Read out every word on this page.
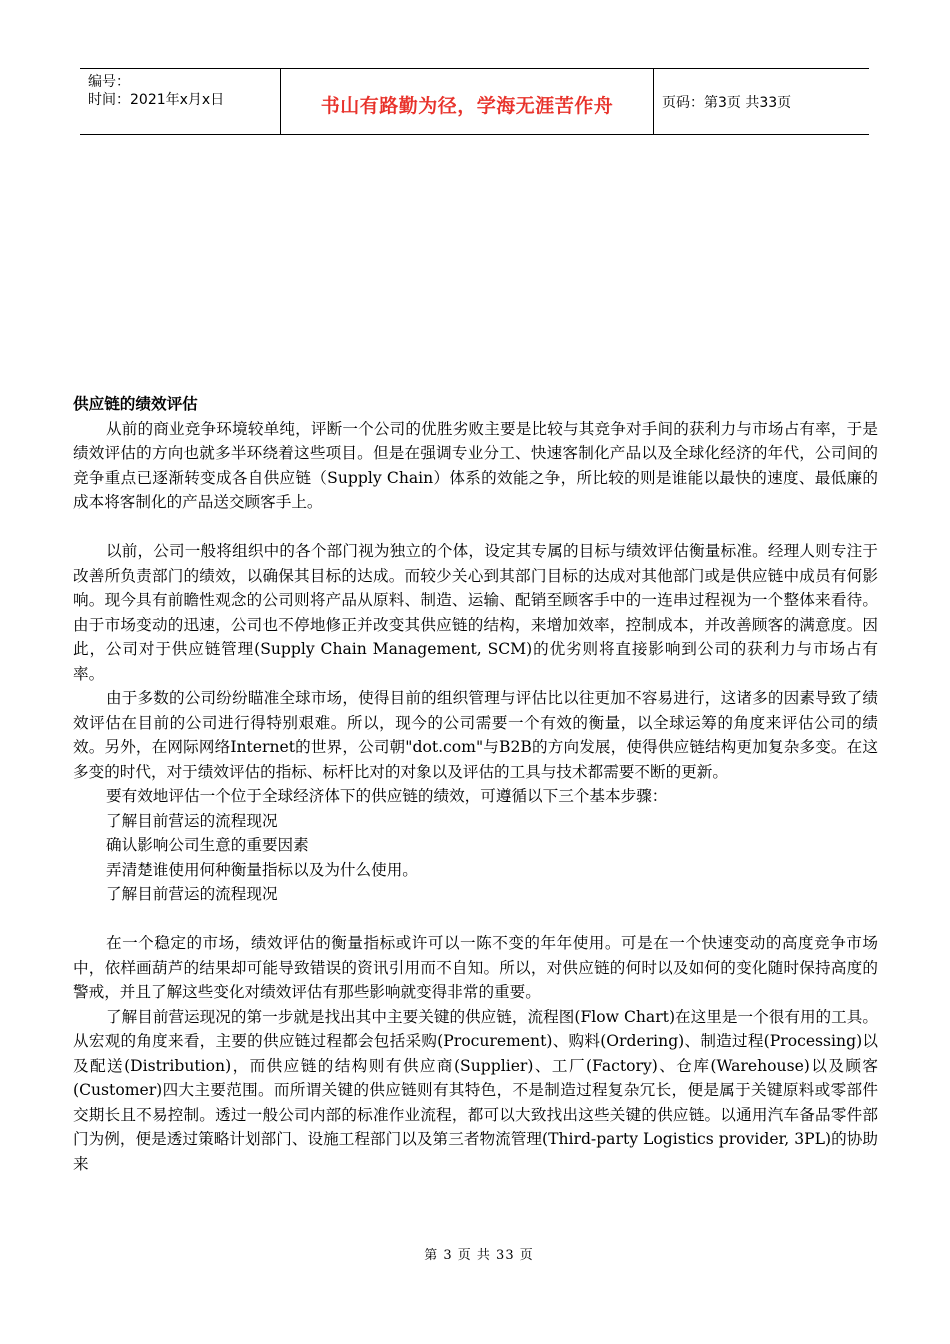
编号：
时间：2021年x月x日	书山有路勤为径，学海无涯苦作舟	页码：第3页 共33页
供应链的绩效评估

从前的商业竞争环境较单纯，评断一个公司的优胜劣败主要是比较与其竞争对手间的获利力与市场占有率，于是绩效评估的方向也就多半环绕着这些项目。但是在强调专业分工、快速客制化产品以及全球化经济的年代，公司间的竞争重点已逐渐转变成各自供应链（Supply Chain）体系的效能之争，所比较的则是谁能以最快的速度、最低廉的成本将客制化的产品送交顾客手上。

以前，公司一般将组织中的各个部门视为独立的个体，设定其专属的目标与绩效评估衡量标准。经理人则专注于改善所负责部门的绩效，以确保其目标的达成。而较少关心到其部门目标的达成对其他部门或是供应链中成员有何影响。现今具有前瞻性观念的公司则将产品从原料、制造、运输、配销至顾客手中的一连串过程视为一个整体来看待。由于市场变动的迅速，公司也不停地修正并改变其供应链的结构，来增加效率，控制成本，并改善顾客的满意度。因此，公司对于供应链管理(Supply Chain Management, SCM)的优劣则将直接影响到公司的获利力与市场占有率。

由于多数的公司纷纷瞄准全球市场，使得目前的组织管理与评估比以往更加不容易进行，这诸多的因素导致了绩效评估在目前的公司进行得特别艰难。所以，现今的公司需要一个有效的衡量，以全球运筹的角度来评估公司的绩效。另外，在网际网络Internet的世界，公司朝"dot.com"与B2B的方向发展，使得供应链结构更加复杂多变。在这多变的时代，对于绩效评估的指标、标杆比对的对象以及评估的工具与技术都需要不断的更新。

要有效地评估一个位于全球经济体下的供应链的绩效，可遵循以下三个基本步骤：

了解目前营运的流程现况

确认影响公司生意的重要因素

弄清楚谁使用何种衡量指标以及为什么使用。

了解目前营运的流程现况

在一个稳定的市场，绩效评估的衡量指标或许可以一陈不变的年年使用。可是在一个快速变动的高度竞争市场中，依样画葫芦的结果却可能导致错误的资讯引用而不自知。所以，对供应链的何时以及如何的变化随时保持高度的警戒，并且了解这些变化对绩效评估有那些影响就变得非常的重要。

了解目前营运现况的第一步就是找出其中主要关键的供应链，流程图(Flow Chart)在这里是一个很有用的工具。从宏观的角度来看，主要的供应链过程都会包括采购(Procurement)、购料(Ordering)、制造过程(Processing)以及配送(Distribution)，而供应链的结构则有供应商(Supplier)、工厂(Factory)、仓库(Warehouse)以及顾客(Customer)四大主要范围。而所谓关键的供应链则有其特色，不是制造过程复杂冗长，便是属于关键原料或零部件交期长且不易控制。透过一般公司内部的标准作业流程，都可以大致找出这些关键的供应链。以通用汽车备品零件部门为例，便是透过策略计划部门、设施工程部门以及第三者物流管理(Third-party Logistics provider, 3PL)的协助来

第 3 页 共 33 页
